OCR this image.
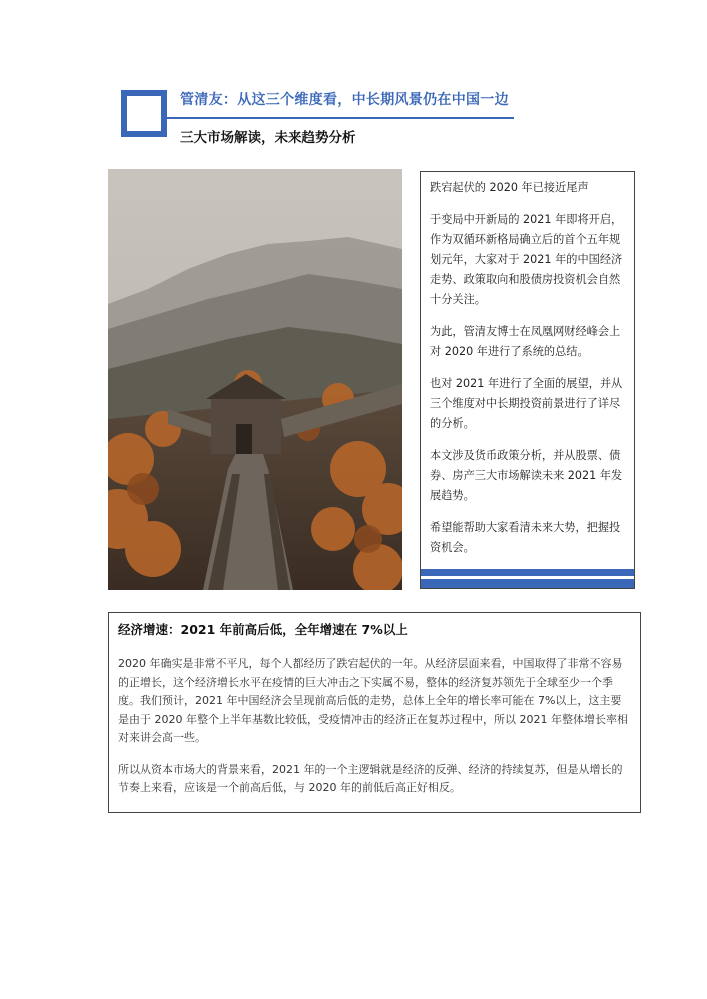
管清友：从这三个维度看，中长期风景仍在中国一边
三大市场解读，未来趋势分析

跌宕起伏的 2020 年已接近尾声

于变局中开新局的 2021 年即将开启，作为双循环新格局确立后的首个五年规划元年，大家对于 2021 年的中国经济走势、政策取向和股债房投资机会自然十分关注。

为此，管清友博士在凤凰网财经峰会上对 2020 年进行了系统的总结。

也对 2021 年进行了全面的展望，并从三个维度对中长期投资前景进行了详尽的分析。

本文涉及货币政策分析，并从股票、债券、房产三大市场解读未来 2021 年发展趋势。

希望能帮助大家看清未来大势，把握投资机会。

经济增速：2021 年前高后低，全年增速在 7%以上

2020 年确实是非常不平凡，每个人都经历了跌宕起伏的一年。从经济层面来看，中国取得了非常不容易的正增长，这个经济增长水平在疫情的巨大冲击之下实属不易，整体的经济复苏领先于全球至少一个季度。我们预计，2021 年中国经济会呈现前高后低的走势，总体上全年的增长率可能在 7%以上，这主要是由于 2020 年整个上半年基数比较低，受疫情冲击的经济正在复苏过程中，所以 2021 年整体增长率相对来讲会高一些。

所以从资本市场大的背景来看，2021 年的一个主逻辑就是经济的反弹、经济的持续复苏，但是从增长的节奏上来看，应该是一个前高后低，与 2020 年的前低后高正好相反。
